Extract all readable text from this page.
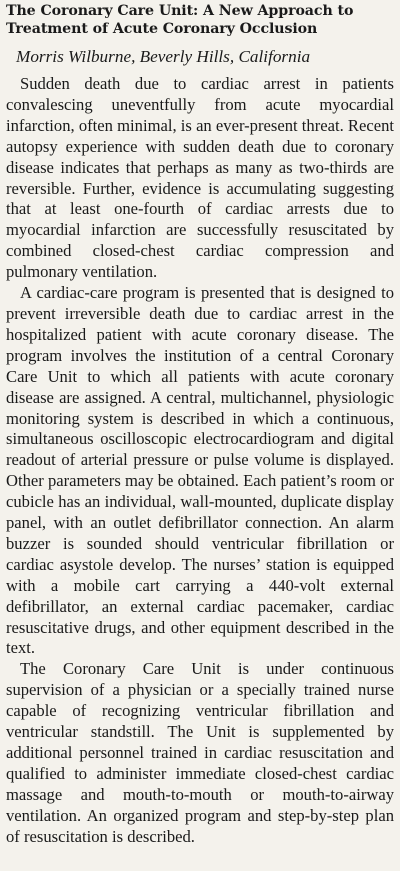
The Coronary Care Unit: A New Approach to Treatment of Acute Coronary Occlusion
Morris Wilburne, Beverly Hills, California

Sudden death due to cardiac arrest in patients convalescing uneventfully from acute myocardial infarction, often minimal, is an ever-present threat. Recent autopsy experience with sudden death due to coronary disease indicates that perhaps as many as two-thirds are reversible. Further, evidence is accumulating suggesting that at least one-fourth of cardiac arrests due to myocardial infarction are successfully resuscitated by combined closed-chest cardiac compression and pulmonary ventilation.

A cardiac-care program is presented that is designed to prevent irreversible death due to cardiac arrest in the hospitalized patient with acute coronary disease. The program involves the institution of a central Coronary Care Unit to which all patients with acute coronary disease are assigned. A central, multichannel, physiologic monitoring system is described in which a continuous, simultaneous oscilloscopic electrocardiogram and digital readout of arterial pressure or pulse volume is displayed. Other parameters may be obtained. Each patient’s room or cubicle has an individual, wall-mounted, duplicate display panel, with an outlet defibrillator connection. An alarm buzzer is sounded should ventricular fibrillation or cardiac asystole develop. The nurses’ station is equipped with a mobile cart carrying a 440-volt external defibrillator, an external cardiac pacemaker, cardiac resuscitative drugs, and other equipment described in the text.

The Coronary Care Unit is under continuous supervision of a physician or a specially trained nurse capable of recognizing ventricular fibrillation and ventricular standstill. The Unit is supplemented by additional personnel trained in cardiac resuscitation and qualified to administer immediate closed-chest cardiac massage and mouth-to-mouth or mouth-to-airway ventilation. An organized program and step-by-step plan of resuscitation is described.
